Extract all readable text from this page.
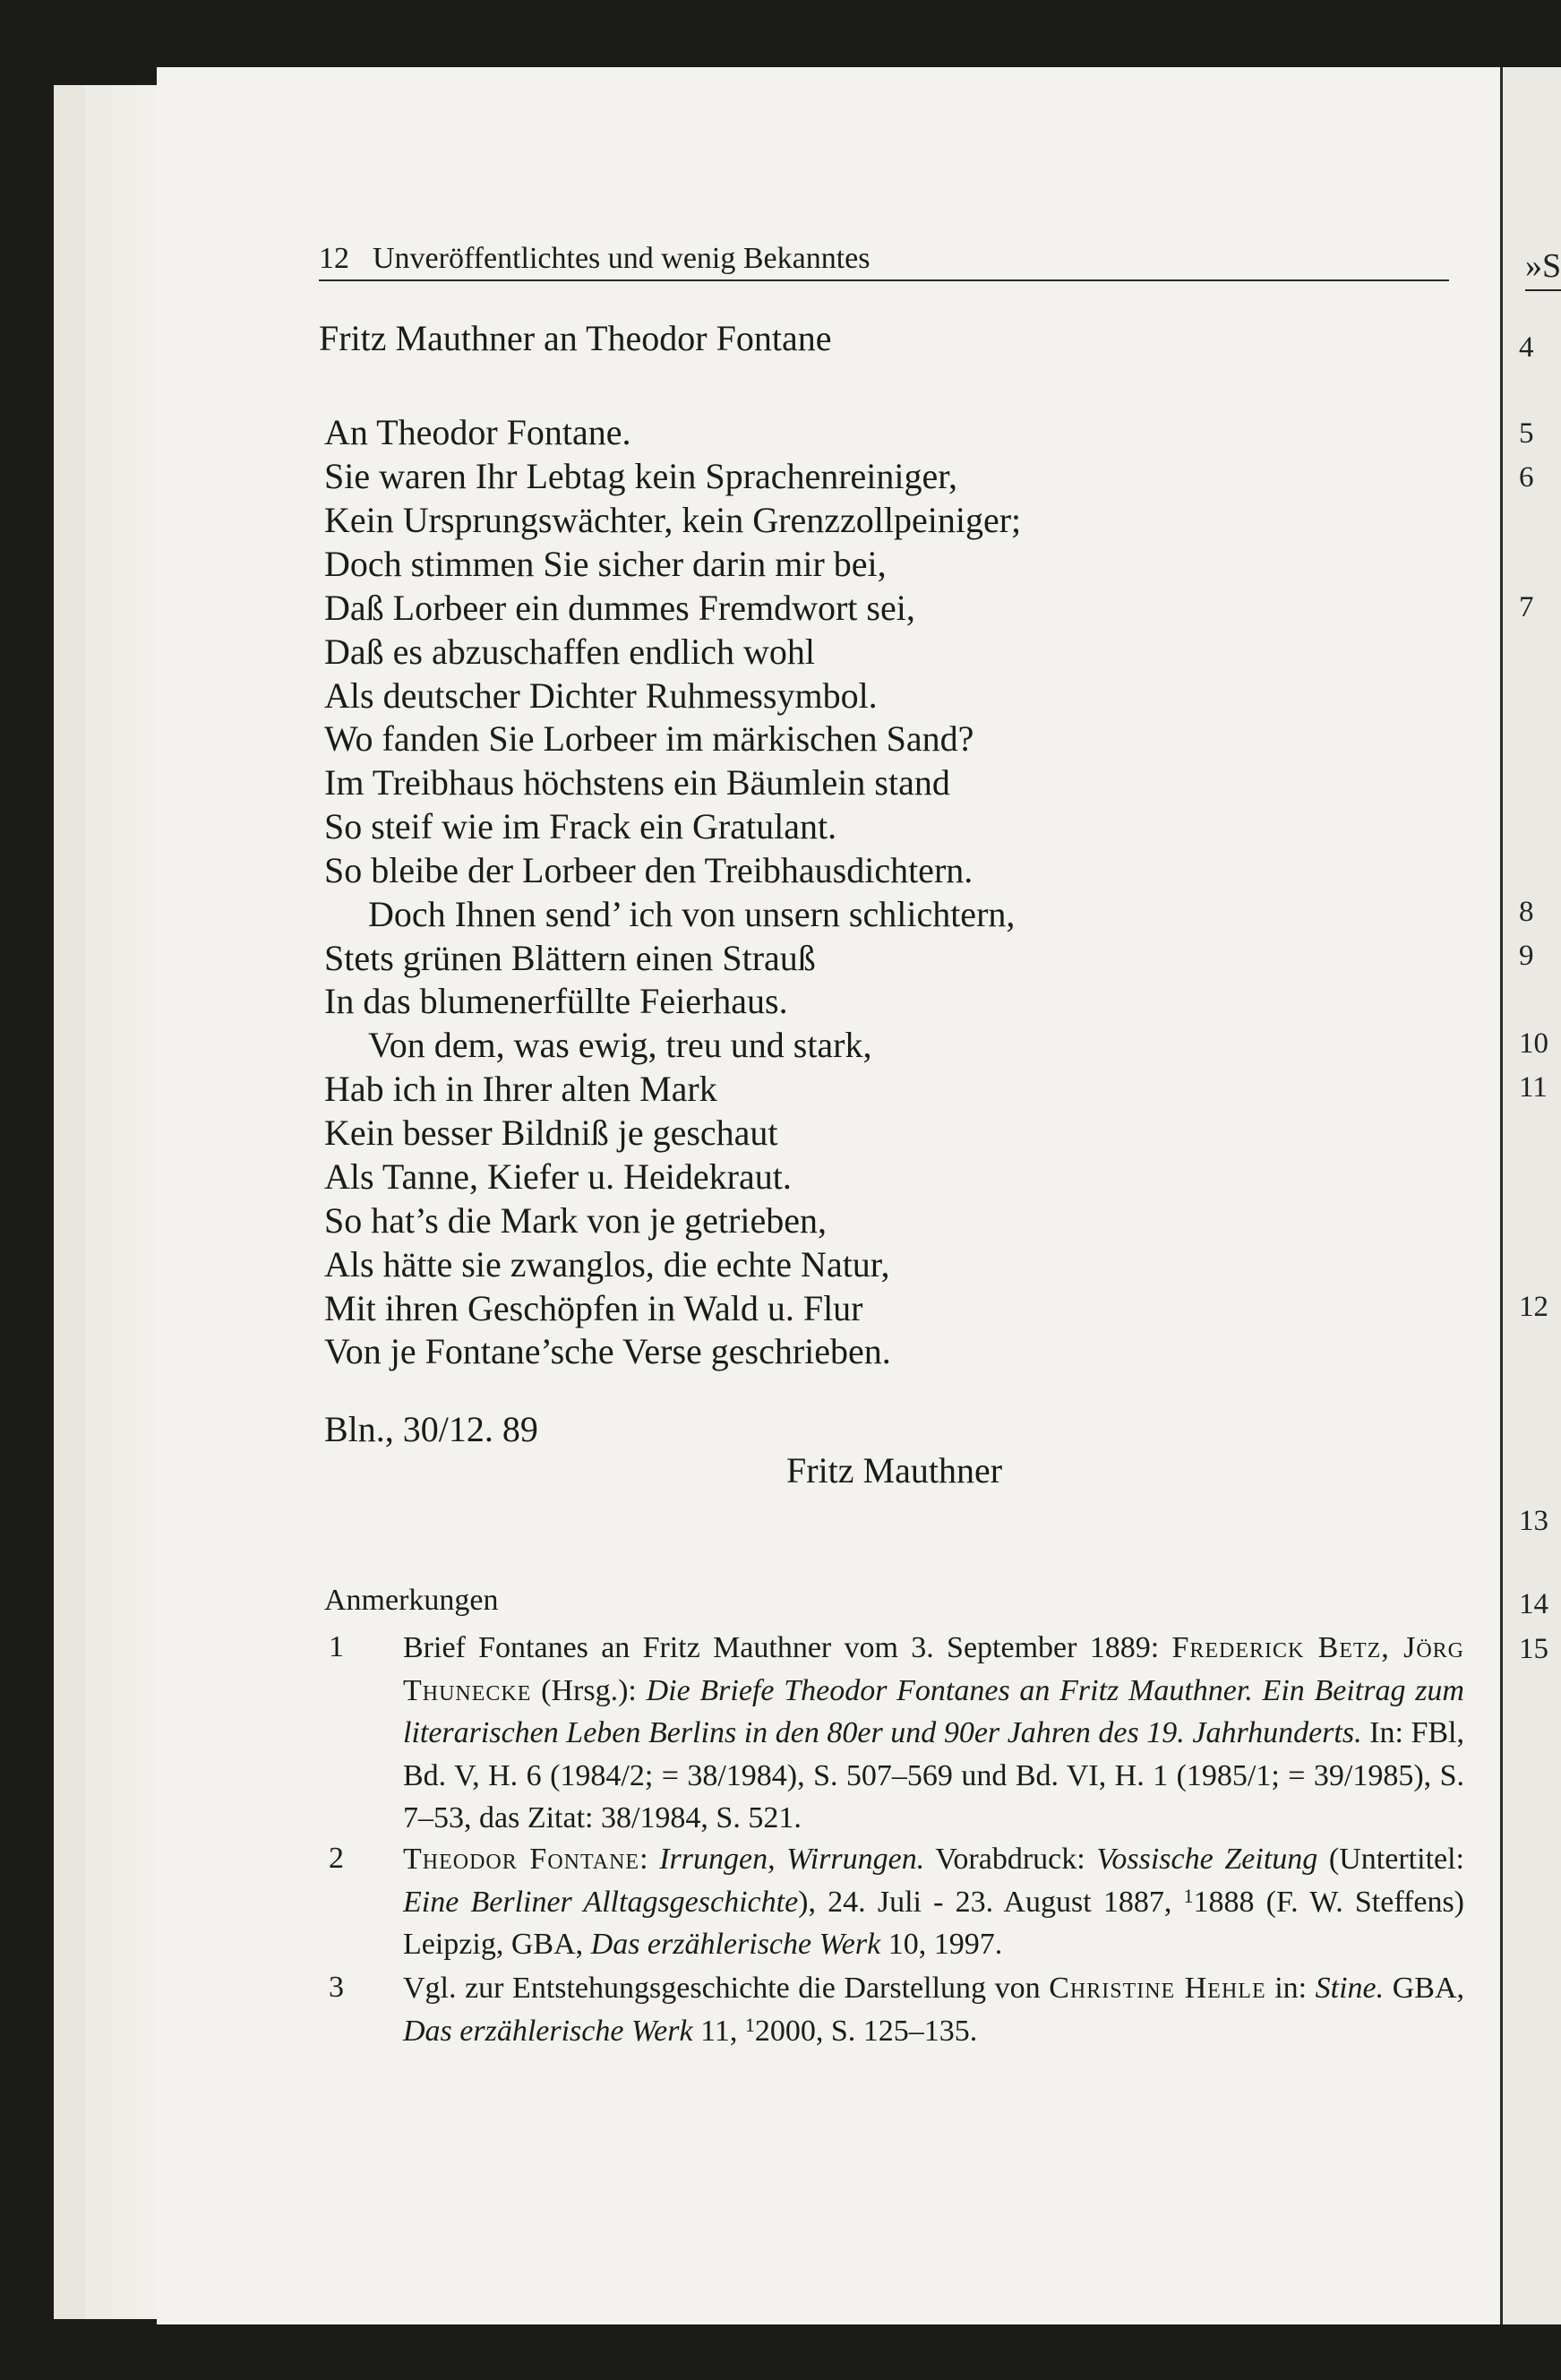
»S
12 Unveröffentlichtes und wenig Bekanntes
Fritz Mauthner an Theodor Fontane
An Theodor Fontane.
Sie waren Ihr Lebtag kein Sprachenreiniger,
Kein Ursprungswächter, kein Grenzzollpeiniger;
Doch stimmen Sie sicher darin mir bei,
Daß Lorbeer ein dummes Fremdwort sei,
Daß es abzuschaffen endlich wohl
Als deutscher Dichter Ruhmessymbol.
Wo fanden Sie Lorbeer im märkischen Sand?
Im Treibhaus höchstens ein Bäumlein stand
So steif wie im Frack ein Gratulant.
So bleibe der Lorbeer den Treibhausdichtern.
Doch Ihnen send’ ich von unsern schlichtern,
Stets grünen Blättern einen Strauß
In das blumenerfüllte Feierhaus.
Von dem, was ewig, treu und stark,
Hab ich in Ihrer alten Mark
Kein besser Bildniß je geschaut
Als Tanne, Kiefer u. Heidekraut.
So hat’s die Mark von je getrieben,
Als hätte sie zwanglos, die echte Natur,
Mit ihren Geschöpfen in Wald u. Flur
Von je Fontane’sche Verse geschrieben.
Bln., 30/12. 89
Fritz Mauthner
Anmerkungen
1 Brief Fontanes an Fritz Mauthner vom 3. September 1889: Frederick Betz, Jörg Thunecke (Hrsg.): Die Briefe Theodor Fontanes an Fritz Mauthner. Ein Beitrag zum literarischen Leben Berlins in den 80er und 90er Jahren des 19. Jahrhunderts. In: FBl, Bd. V, H. 6 (1984/2; = 38/1984), S. 507–569 und Bd. VI, H. 1 (1985/1; = 39/1985), S. 7–53, das Zitat: 38/1984, S. 521.
2 Theodor Fontane: Irrungen, Wirrungen. Vorabdruck: Vossische Zeitung (Untertitel: Eine Berliner Alltagsgeschichte), 24. Juli - 23. August 1887, $^1$1888 (F. W. Steffens) Leipzig, GBA, Das erzählerische Werk 10, 1997.
3 Vgl. zur Entstehungsgeschichte die Darstellung von Christine Hehle in: Stine. GBA, Das erzählerische Werk 11, $^1$2000, S. 125–135.
4
5
6
7
8
9
10
11
12
13
14
15
